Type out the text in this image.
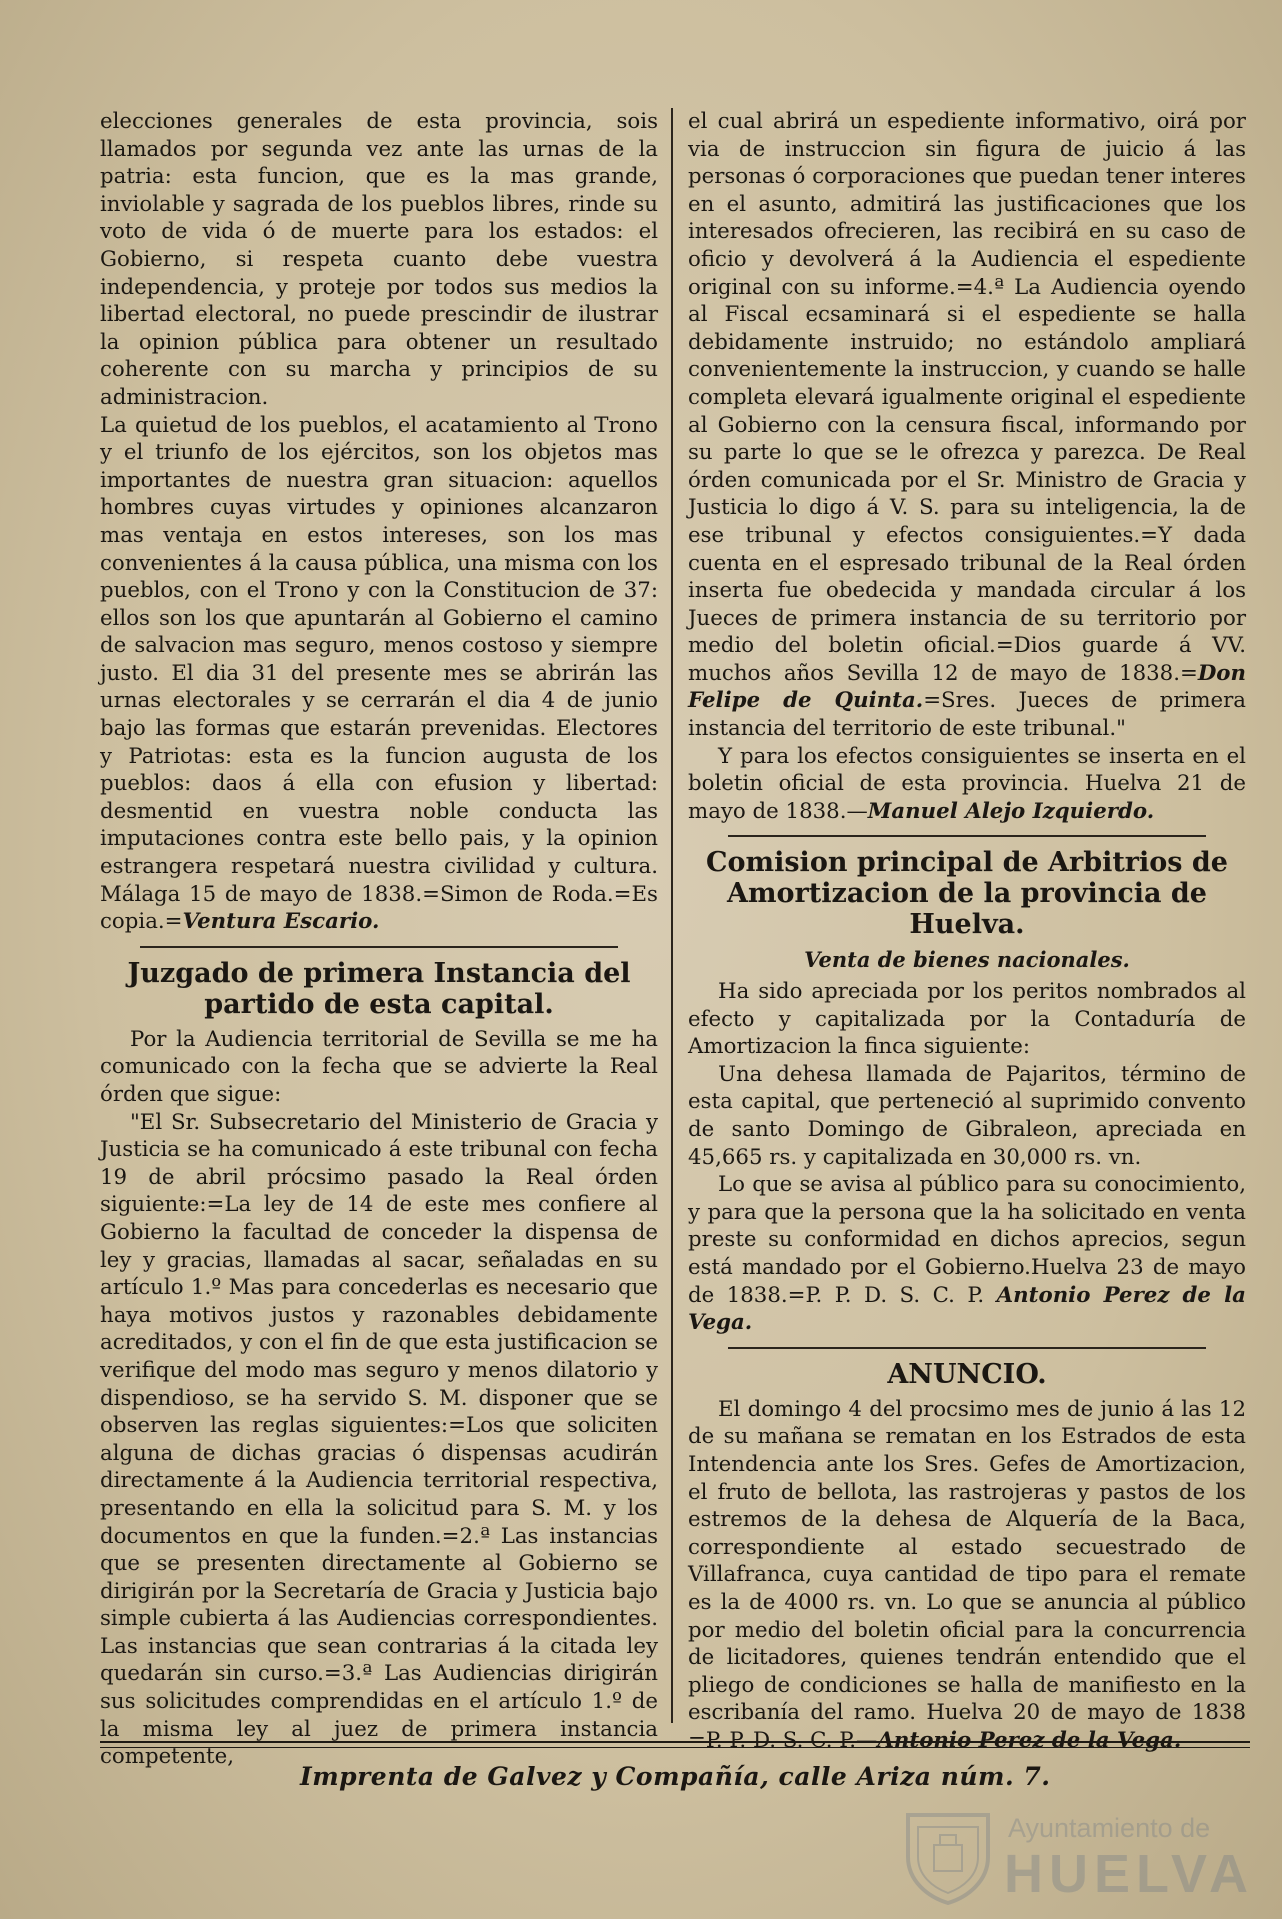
elecciones generales de esta provincia, sois llamados por segunda vez ante las urnas de la patria: esta funcion, que es la mas grande, inviolable y sagrada de los pueblos libres, rinde su voto de vida ó de muerte para los estados: el Gobierno, si respeta cuanto debe vuestra independencia, y proteje por todos sus medios la libertad electoral, no puede prescindir de ilustrar la opinion pública para obtener un resultado coherente con su marcha y principios de su administracion.

La quietud de los pueblos, el acatamiento al Trono y el triunfo de los ejércitos, son los objetos mas importantes de nuestra gran situacion: aquellos hombres cuyas virtudes y opiniones alcanzaron mas ventaja en estos intereses, son los mas convenientes á la causa pública, una misma con los pueblos, con el Trono y con la Constitucion de 37: ellos son los que apuntarán al Gobierno el camino de salvacion mas seguro, menos costoso y siempre justo. El dia 31 del presente mes se abrirán las urnas electorales y se cerrarán el dia 4 de junio bajo las formas que estarán prevenidas. Electores y Patriotas: esta es la funcion augusta de los pueblos: daos á ella con efusion y libertad: desmentid en vuestra noble conducta las imputaciones contra este bello pais, y la opinion estrangera respetará nuestra civilidad y cultura. Málaga 15 de mayo de 1838.=Simon de Roda.=Es copia.=Ventura Escario.

Juzgado de primera Instancia del partido de esta capital.

Por la Audiencia territorial de Sevilla se me ha comunicado con la fecha que se advierte la Real órden que sigue:

"El Sr. Subsecretario del Ministerio de Gracia y Justicia se ha comunicado á este tribunal con fecha 19 de abril prócsimo pasado la Real órden siguiente:=La ley de 14 de este mes confiere al Gobierno la facultad de conceder la dispensa de ley y gracias, llamadas al sacar, señaladas en su artículo 1.º Mas para concederlas es necesario que haya motivos justos y razonables debidamente acreditados, y con el fin de que esta justificacion se verifique del modo mas seguro y menos dilatorio y dispendioso, se ha servido S. M. disponer que se observen las reglas siguientes:=Los que soliciten alguna de dichas gracias ó dispensas acudirán directamente á la Audiencia territorial respectiva, presentando en ella la solicitud para S. M. y los documentos en que la funden.=2.ª Las instancias que se presenten directamente al Gobierno se dirigirán por la Secretaría de Gracia y Justicia bajo simple cubierta á las Audiencias correspondientes. Las instancias que sean contrarias á la citada ley quedarán sin curso.=3.ª Las Audiencias dirigirán sus solicitudes comprendidas en el artículo 1.º de la misma ley al juez de primera instancia competente,

el cual abrirá un espediente informativo, oirá por via de instruccion sin figura de juicio á las personas ó corporaciones que puedan tener interes en el asunto, admitirá las justificaciones que los interesados ofrecieren, las recibirá en su caso de oficio y devolverá á la Audiencia el espediente original con su informe.=4.ª La Audiencia oyendo al Fiscal ecsaminará si el espediente se halla debidamente instruido; no estándolo ampliará convenientemente la instruccion, y cuando se halle completa elevará igualmente original el espediente al Gobierno con la censura fiscal, informando por su parte lo que se le ofrezca y parezca. De Real órden comunicada por el Sr. Ministro de Gracia y Justicia lo digo á V. S. para su inteligencia, la de ese tribunal y efectos consiguientes.=Y dada cuenta en el espresado tribunal de la Real órden inserta fue obedecida y mandada circular á los Jueces de primera instancia de su territorio por medio del boletin oficial.=Dios guarde á VV. muchos años Sevilla 12 de mayo de 1838.=Don Felipe de Quinta.=Sres. Jueces de primera instancia del territorio de este tribunal."

Y para los efectos consiguientes se inserta en el boletin oficial de esta provincia. Huelva 21 de mayo de 1838.—Manuel Alejo Izquierdo.

Comision principal de Arbitrios de Amortizacion de la provincia de Huelva.
Venta de bienes nacionales.

Ha sido apreciada por los peritos nombrados al efecto y capitalizada por la Contaduría de Amortizacion la finca siguiente:

Una dehesa llamada de Pajaritos, término de esta capital, que perteneció al suprimido convento de santo Domingo de Gibraleon, apreciada en 45,665 rs. y capitalizada en 30,000 rs. vn.

Lo que se avisa al público para su conocimiento, y para que la persona que la ha solicitado en venta preste su conformidad en dichos aprecios, segun está mandado por el Gobierno.Huelva 23 de mayo de 1838.=P. P. D. S. C. P. Antonio Perez de la Vega.

ANUNCIO.

El domingo 4 del procsimo mes de junio á las 12 de su mañana se rematan en los Estrados de esta Intendencia ante los Sres. Gefes de Amortizacion, el fruto de bellota, las rastrojeras y pastos de los estremos de la dehesa de Alquería de la Baca, correspondiente al estado secuestrado de Villafranca, cuya cantidad de tipo para el remate es la de 4000 rs. vn. Lo que se anuncia al público por medio del boletin oficial para la concurrencia de licitadores, quienes tendrán entendido que el pliego de condiciones se halla de manifiesto en la escribanía del ramo. Huelva 20 de mayo de 1838 =P. P. D. S. C. P.—Antonio Perez de la Vega.

Imprenta de Galvez y Compañía, calle Ariza núm. 7.
Ayuntamiento de
HUELVA
